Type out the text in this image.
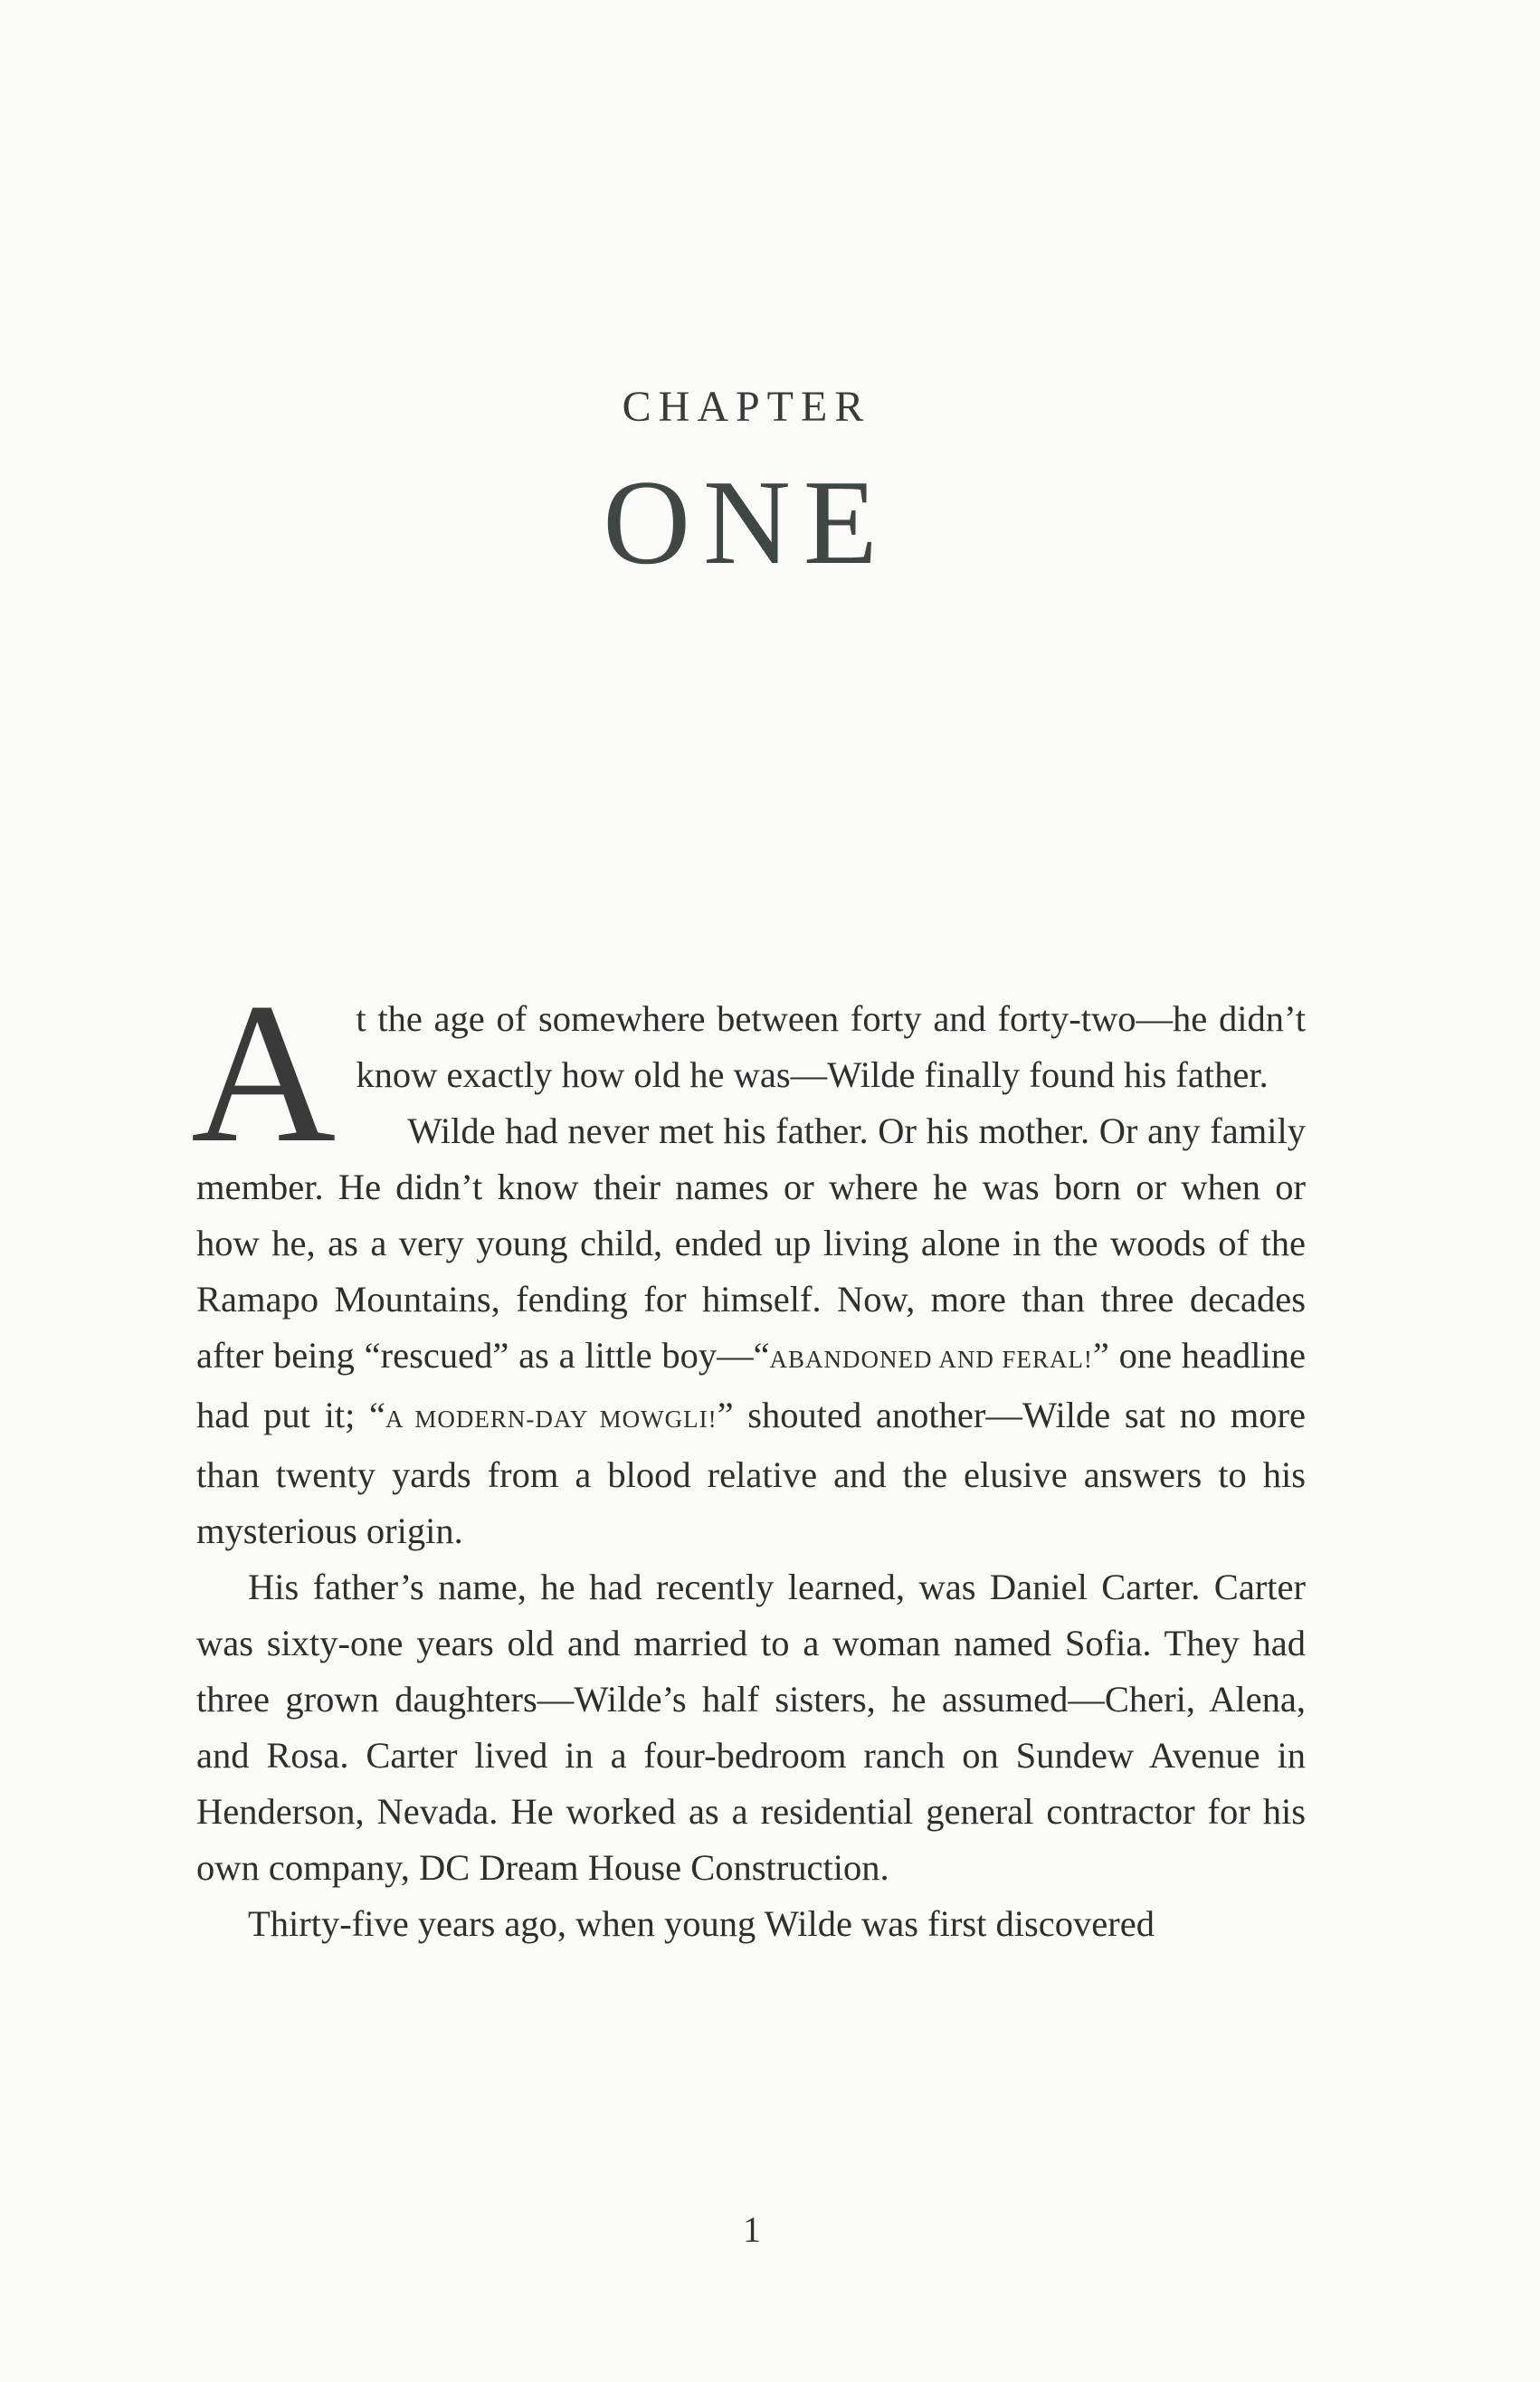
CHAPTER
ONE

At the age of somewhere between forty and forty-two—he didn’t know exactly how old he was—Wilde finally found his father.

Wilde had never met his father. Or his mother. Or any family member. He didn’t know their names or where he was born or when or how he, as a very young child, ended up living alone in the woods of the Ramapo Mountains, fending for himself. Now, more than three decades after being “rescued” as a little boy—“ABANDONED AND FERAL!” one headline had put it; “A MODERN-DAY MOWGLI!” shouted another—Wilde sat no more than twenty yards from a blood relative and the elusive answers to his mysterious origin.

His father’s name, he had recently learned, was Daniel Carter. Carter was sixty-one years old and married to a woman named Sofia. They had three grown daughters—Wilde’s half sisters, he assumed—Cheri, Alena, and Rosa. Carter lived in a four-bedroom ranch on Sundew Avenue in Henderson, Nevada. He worked as a residential general contractor for his own company, DC Dream House Construction.

Thirty-five years ago, when young Wilde was first discovered

1
